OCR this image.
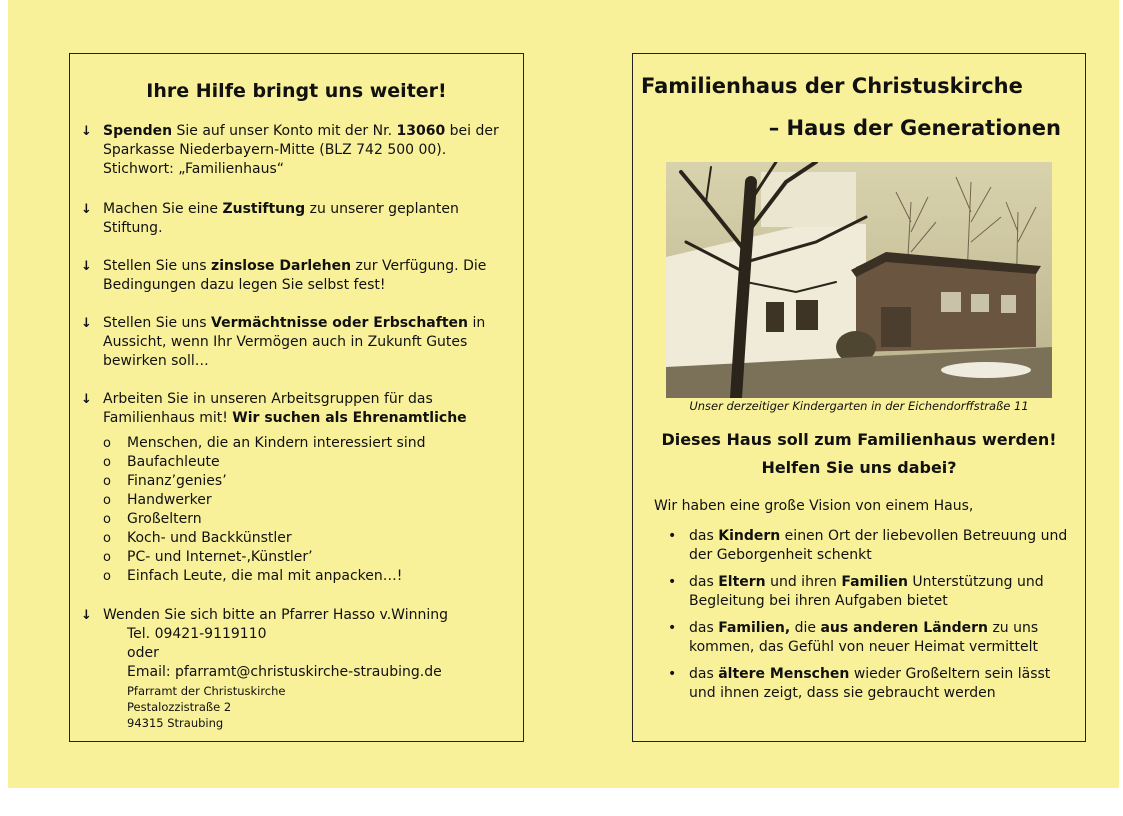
Ihre Hilfe bringt uns weiter!
↓ Spenden Sie auf unser Konto mit der Nr. 13060 bei der Sparkasse Niederbayern-Mitte (BLZ 742 500 00). Stichwort: „Familienhaus“
↓ Machen Sie eine Zustiftung zu unserer geplanten Stiftung.
↓ Stellen Sie uns zinslose Darlehen zur Verfügung. Die Bedingungen dazu legen Sie selbst fest!
↓ Stellen Sie uns Vermächtnisse oder Erbschaften in Aussicht, wenn Ihr Vermögen auch in Zukunft Gutes bewirken soll…
↓ Arbeiten Sie in unseren Arbeitsgruppen für das Familienhaus mit! Wir suchen als Ehrenamtliche
o Menschen, die an Kindern interessiert sind
o Baufachleute
o Finanz’genies’
o Handwerker
o Großeltern
o Koch- und Backkünstler
o PC- und Internet-‚Künstler’
o Einfach Leute, die mal mit anpacken…!
↓ Wenden Sie sich bitte an Pfarrer Hasso v.Winning
Tel. 09421-9119110
oder
Email: pfarramt@christuskirche-straubing.de
Pfarramt der Christuskirche
Pestalozzistraße 2
94315 Straubing
Familienhaus der Christuskirche
– Haus der Generationen
Unser derzeitiger Kindergarten in der Eichendorffstraße 11
Dieses Haus soll zum Familienhaus werden!
Helfen Sie uns dabei?
Wir haben eine große Vision von einem Haus,
• das Kindern einen Ort der liebevollen Betreuung und der Geborgenheit schenkt
• das Eltern und ihren Familien Unterstützung und Begleitung bei ihren Aufgaben bietet
• das Familien, die aus anderen Ländern zu uns kommen, das Gefühl von neuer Heimat vermittelt
• das ältere Menschen wieder Großeltern sein lässt und ihnen zeigt, dass sie gebraucht werden
